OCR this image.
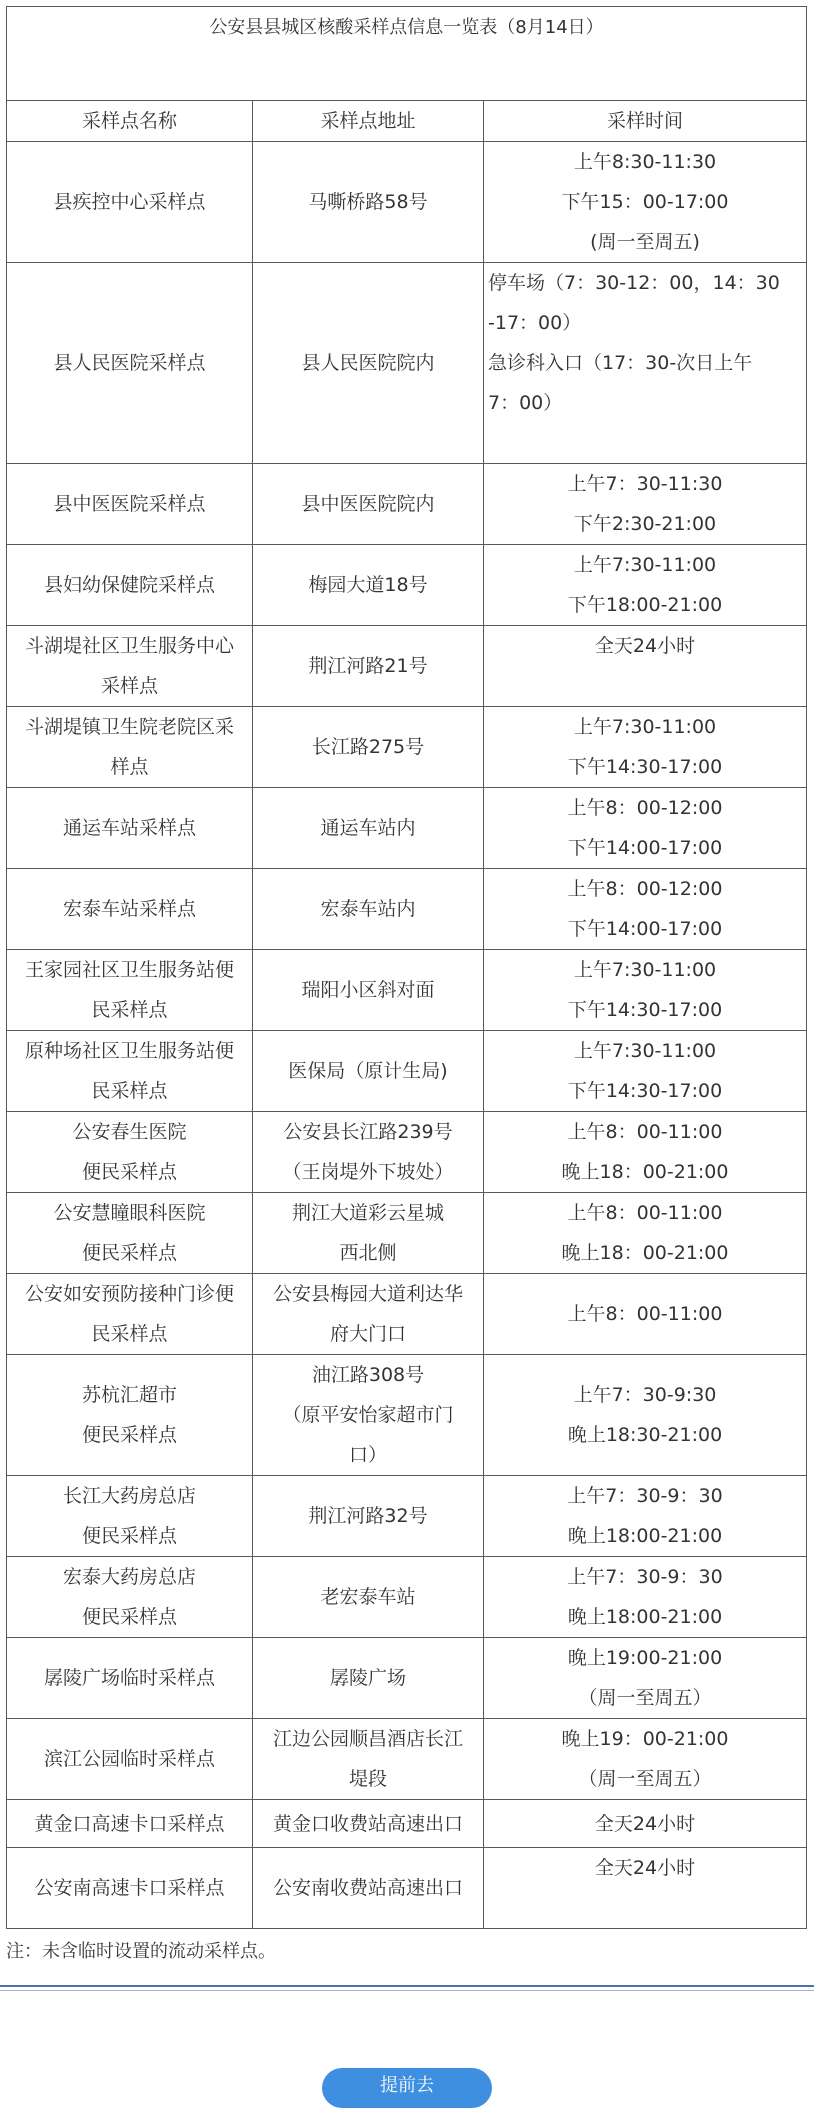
公安县县城区核酸采样点信息一览表（8月14日）		
采样点名称	采样点地址	采样时间

县疾控中心采样点	马嘶桥路58号	上午8:30-11:30
下午15：00-17:00
(周一至周五)

县人民医院采样点	县人民医院院内	停车场（7：30-12：00，14：30
-17：00）
急诊科入口（17：30-次日上午
7：00）

县中医医院采样点	县中医医院院内	上午7：30-11:30
下午2:30-21:00

县妇幼保健院采样点	梅园大道18号	上午7:30-11:00
下午18:00-21:00

斗湖堤社区卫生服务中心
采样点	荆江河路21号	全天24小时

斗湖堤镇卫生院老院区采
样点	长江路275号	上午7:30-11:00
下午14:30-17:00

通运车站采样点	通运车站内	上午8：00-12:00
下午14:00-17:00

宏泰车站采样点	宏泰车站内	上午8：00-12:00
下午14:00-17:00

王家园社区卫生服务站便
民采样点	瑞阳小区斜对面	上午7:30-11:00
下午14:30-17:00

原种场社区卫生服务站便
民采样点	医保局（原计生局)	上午7:30-11:00
下午14:30-17:00

公安春生医院
便民采样点	公安县长江路239号
（王岗堤外下坡处）	上午8：00-11:00
晚上18：00-21:00

公安慧瞳眼科医院
便民采样点	荆江大道彩云星城
西北侧	上午8：00-11:00
晚上18：00-21:00

公安如安预防接种门诊便
民采样点	公安县梅园大道利达华
府大门口	上午8：00-11:00

苏杭汇超市
便民采样点	油江路308号
（原平安怡家超市门
口）	上午7：30-9:30
晚上18:30-21:00

长江大药房总店
便民采样点	荆江河路32号	上午7：30-9：30
晚上18:00-21:00

宏泰大药房总店
便民采样点	老宏泰车站	上午7：30-9：30
晚上18:00-21:00

孱陵广场临时采样点	孱陵广场	晚上19:00-21:00
（周一至周五）

滨江公园临时采样点	江边公园顺昌酒店长江
堤段	晚上19：00-21:00
（周一至周五）

黄金口高速卡口采样点	黄金口收费站高速出口	全天24小时

公安南高速卡口采样点	公安南收费站高速出口	全天24小时
注：未含临时设置的流动采样点。
提前去
